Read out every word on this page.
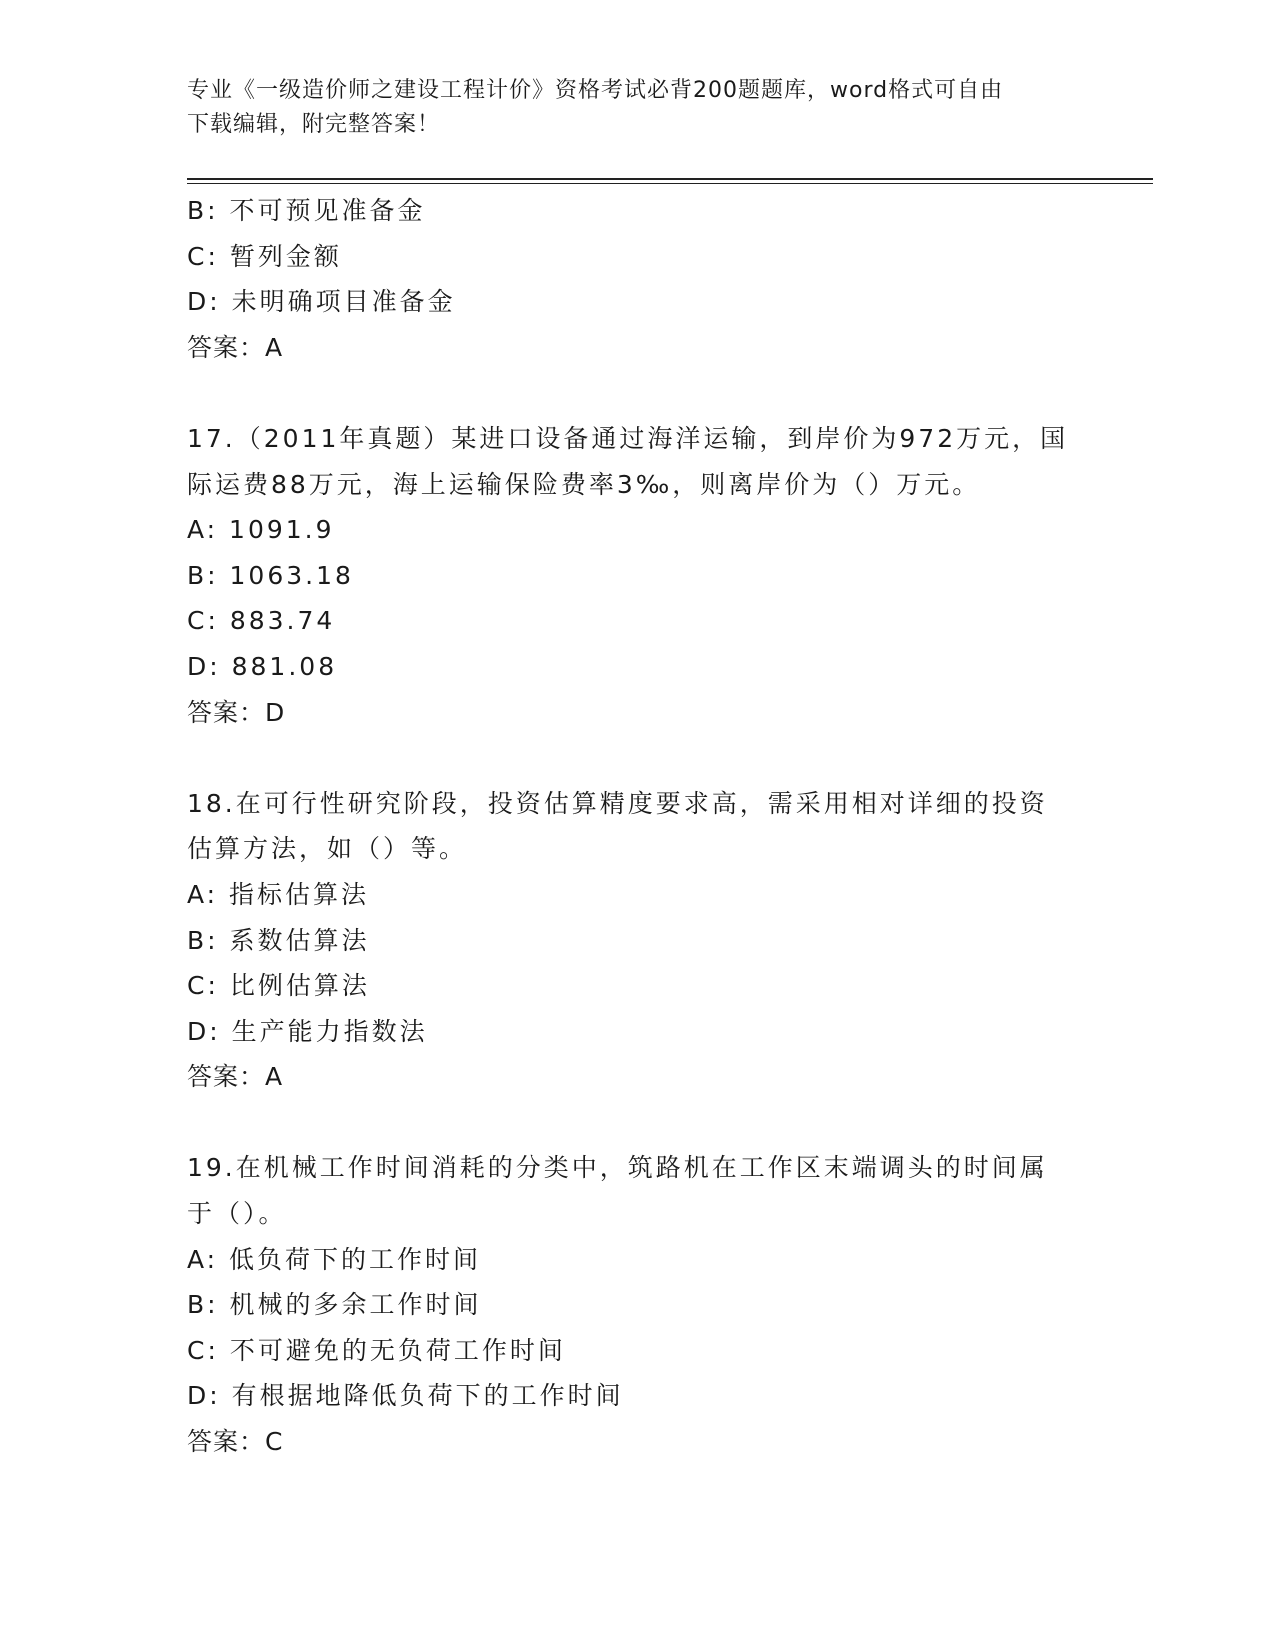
专业《一级造价师之建设工程计价》资格考试必背200题题库，word格式可自由
下载编辑，附完整答案！
B: 不可预见准备金
C: 暂列金额
D: 未明确项目准备金
答案：A
17.（2011年真题）某进口设备通过海洋运输，到岸价为972万元，国
际运费88万元，海上运输保险费率3‰，则离岸价为（）万元。
A: 1091.9
B: 1063.18
C: 883.74
D: 881.08
答案：D
18.在可行性研究阶段，投资估算精度要求高，需采用相对详细的投资
估算方法，如（）等。
A: 指标估算法
B: 系数估算法
C: 比例估算法
D: 生产能力指数法
答案：A
19.在机械工作时间消耗的分类中，筑路机在工作区末端调头的时间属
于（）。
A: 低负荷下的工作时间
B: 机械的多余工作时间
C: 不可避免的无负荷工作时间
D: 有根据地降低负荷下的工作时间
答案：C
